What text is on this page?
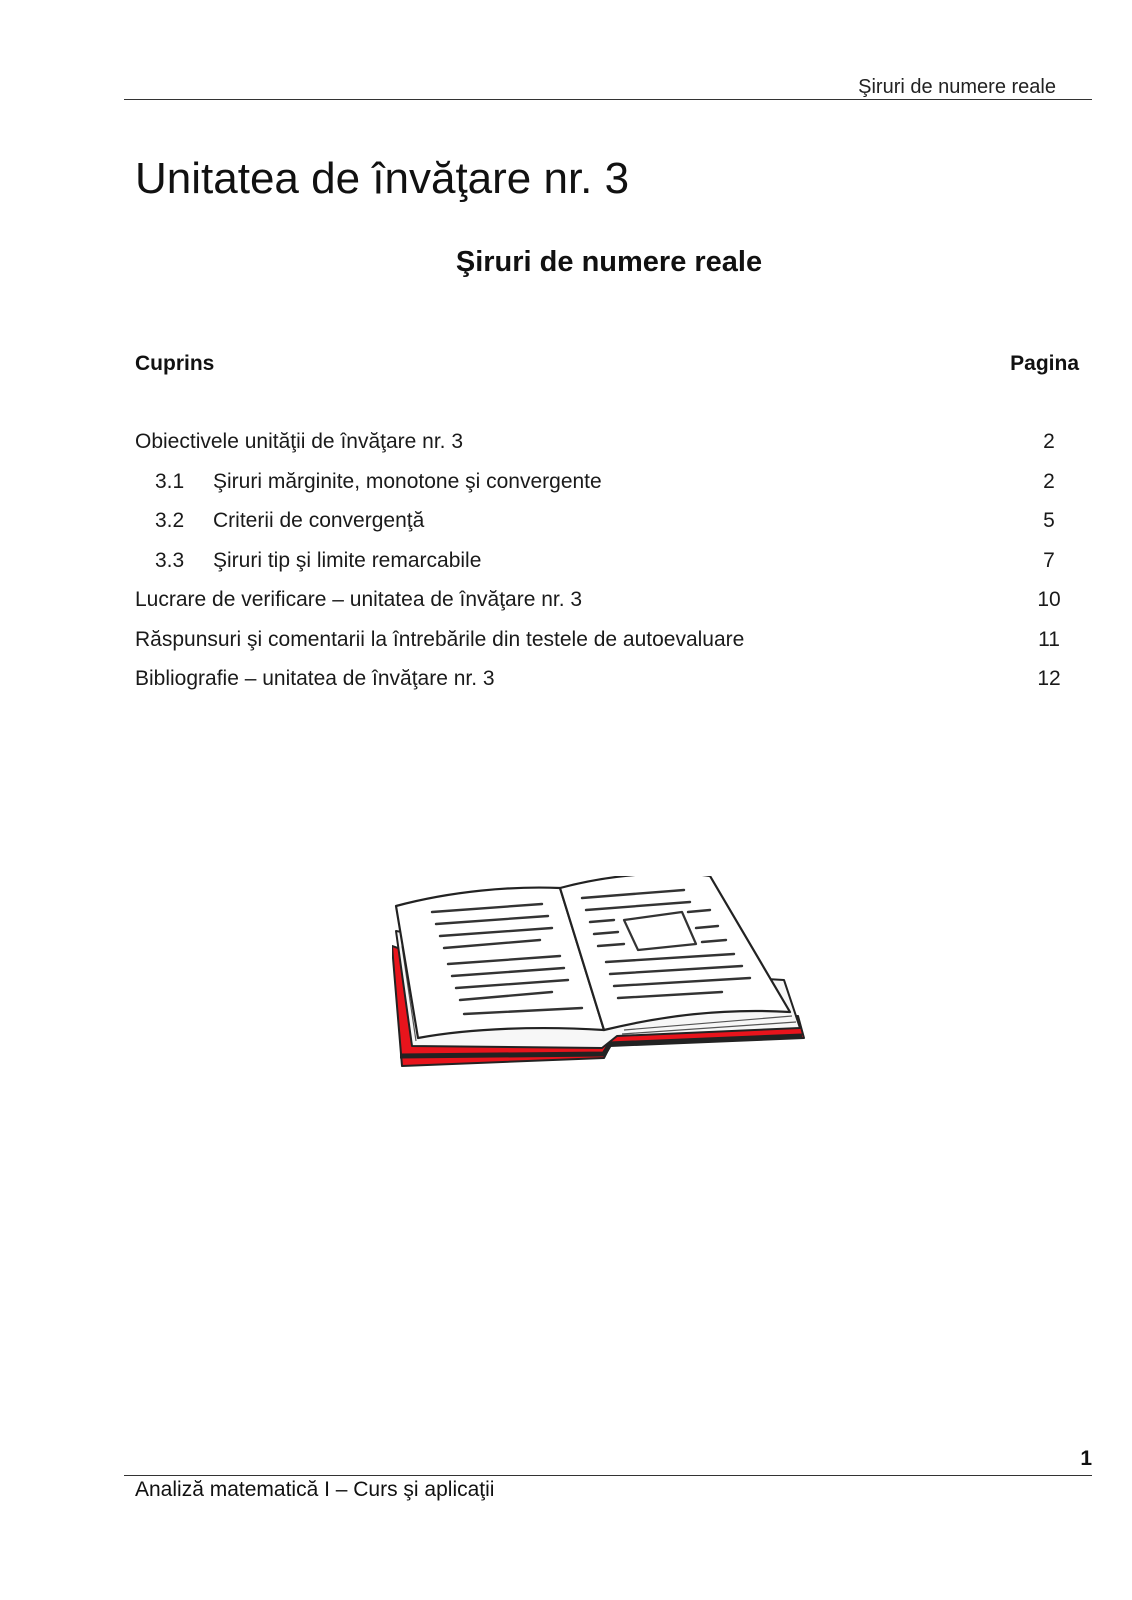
Şiruri de numere reale
Unitatea de învăţare nr. 3
Şiruri de numere reale
Cuprins	Pagina
Obiectivele unităţii de învăţare nr. 3	2
3.1 Şiruri mărginite, monotone şi convergente	2
3.2 Criterii de convergenţă	5
3.3 Şiruri tip şi limite remarcabile	7
Lucrare de verificare – unitatea de învăţare nr. 3	10
Răspunsuri şi comentarii la întrebările din testele de autoevaluare	11
Bibliografie – unitatea de învăţare nr. 3	12
1
Analiză matematică I – Curs şi aplicaţii
